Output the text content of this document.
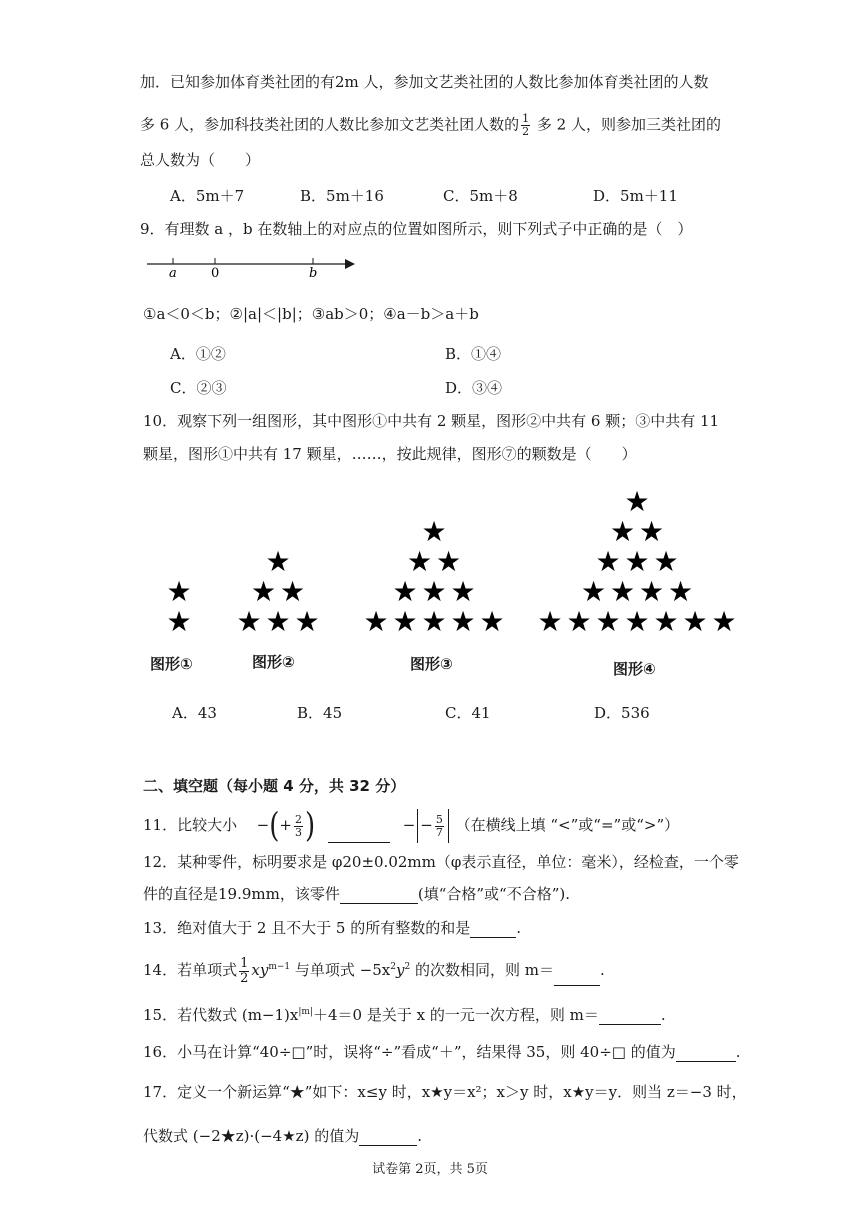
加．已知参加体育类社团的有2m 人，参加文艺类社团的人数比参加体育类社团的人数
多 6 人，参加科技类社团的人数比参加文艺类社团人数的 $\frac{1}{2}$ 多 2 人，则参加三类社团的
总人数为（　　）
A．5m＋7	B．5m＋16	C．5m＋8	D．5m＋11
9．有理数 a ，b 在数轴上的对应点的位置如图所示，则下列式子中正确的是（　）
a	0	b
①a＜0＜b；②|a|＜|b|；③ab＞0；④a－b＞a＋b
A．①②	B．①④
C．②③	D．③④
10．观察下列一组图形，其中图形①中共有 2 颗星，图形②中共有 6 颗；③中共有 11
颗星，图形①中共有 17 颗星，……，按此规律，图形⑦的颗数是（　　）
★
★
★
★ ★
★ ★ ★
★
★ ★
★ ★ ★
★ ★ ★ ★ ★
★
★ ★
★ ★ ★
★ ★ ★ ★
★ ★ ★ ★ ★ ★ ★
图形①	图形②	图形③	图形④
A．43	B．45	C．41	D．536
二、填空题（每小题 4 分，共 32 分）
11．比较大小 −(+ $\frac{2}{3}$ )	− − $\frac{5}{7}$ （在横线上填 “<”或“=”或“>”）
12．某种零件，标明要求是 φ20±0.02mm（φ表示直径，单位：毫米），经检查，一个零
件的直径是19.9mm，该零件	(填“合格”或“不合格”).
13．绝对值大于 2 且不大于 5 的所有整数的和是	.
14．若单项式 $\frac{1}{2} xy^{m-1}$ 与单项式 $-5x^2y^2$ 的次数相同，则 m＝	.
15．若代数式 $(m-1)x^{|m|}+4=0$ 是关于 x 的一元一次方程，则 m＝	.
16．小马在计算“40÷□”时，误将“÷”看成“＋”，结果得 35，则 40÷□ 的值为	.
17．定义一个新运算“★”如下：x≤y 时，x★y＝x²；x＞y 时，x★y＝y．则当 z＝−3 时，
代数式 (−2★z)·(−4★z) 的值为	.
试卷第 2页，共 5页
